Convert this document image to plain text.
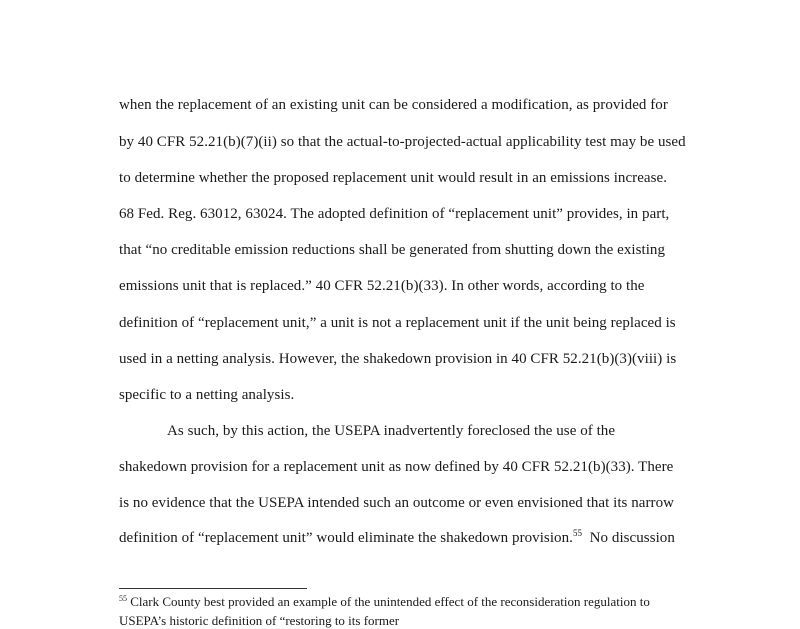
when the replacement of an existing unit can be considered a modification, as provided for
by 40 CFR 52.21(b)(7)(ii) so that the actual-to-projected-actual applicability test may be used
to determine whether the proposed replacement unit would result in an emissions increase.
68 Fed. Reg. 63012, 63024. The adopted definition of “replacement unit” provides, in part,
that “no creditable emission reductions shall be generated from shutting down the existing
emissions unit that is replaced.” 40 CFR 52.21(b)(33). In other words, according to the
definition of “replacement unit,” a unit is not a replacement unit if the unit being replaced is
used in a netting analysis. However, the shakedown provision in 40 CFR 52.21(b)(3)(viii) is
specific to a netting analysis.
As such, by this action, the USEPA inadvertently foreclosed the use of the
shakedown provision for a replacement unit as now defined by 40 CFR 52.21(b)(33). There
is no evidence that the USEPA intended such an outcome or even envisioned that its narrow
definition of “replacement unit” would eliminate the shakedown provision.$^{55}$  No discussion
$^{55}$ Clark County best provided an example of the unintended effect of the reconsideration regulation to
USEPA’s historic definition of “restoring to its former
